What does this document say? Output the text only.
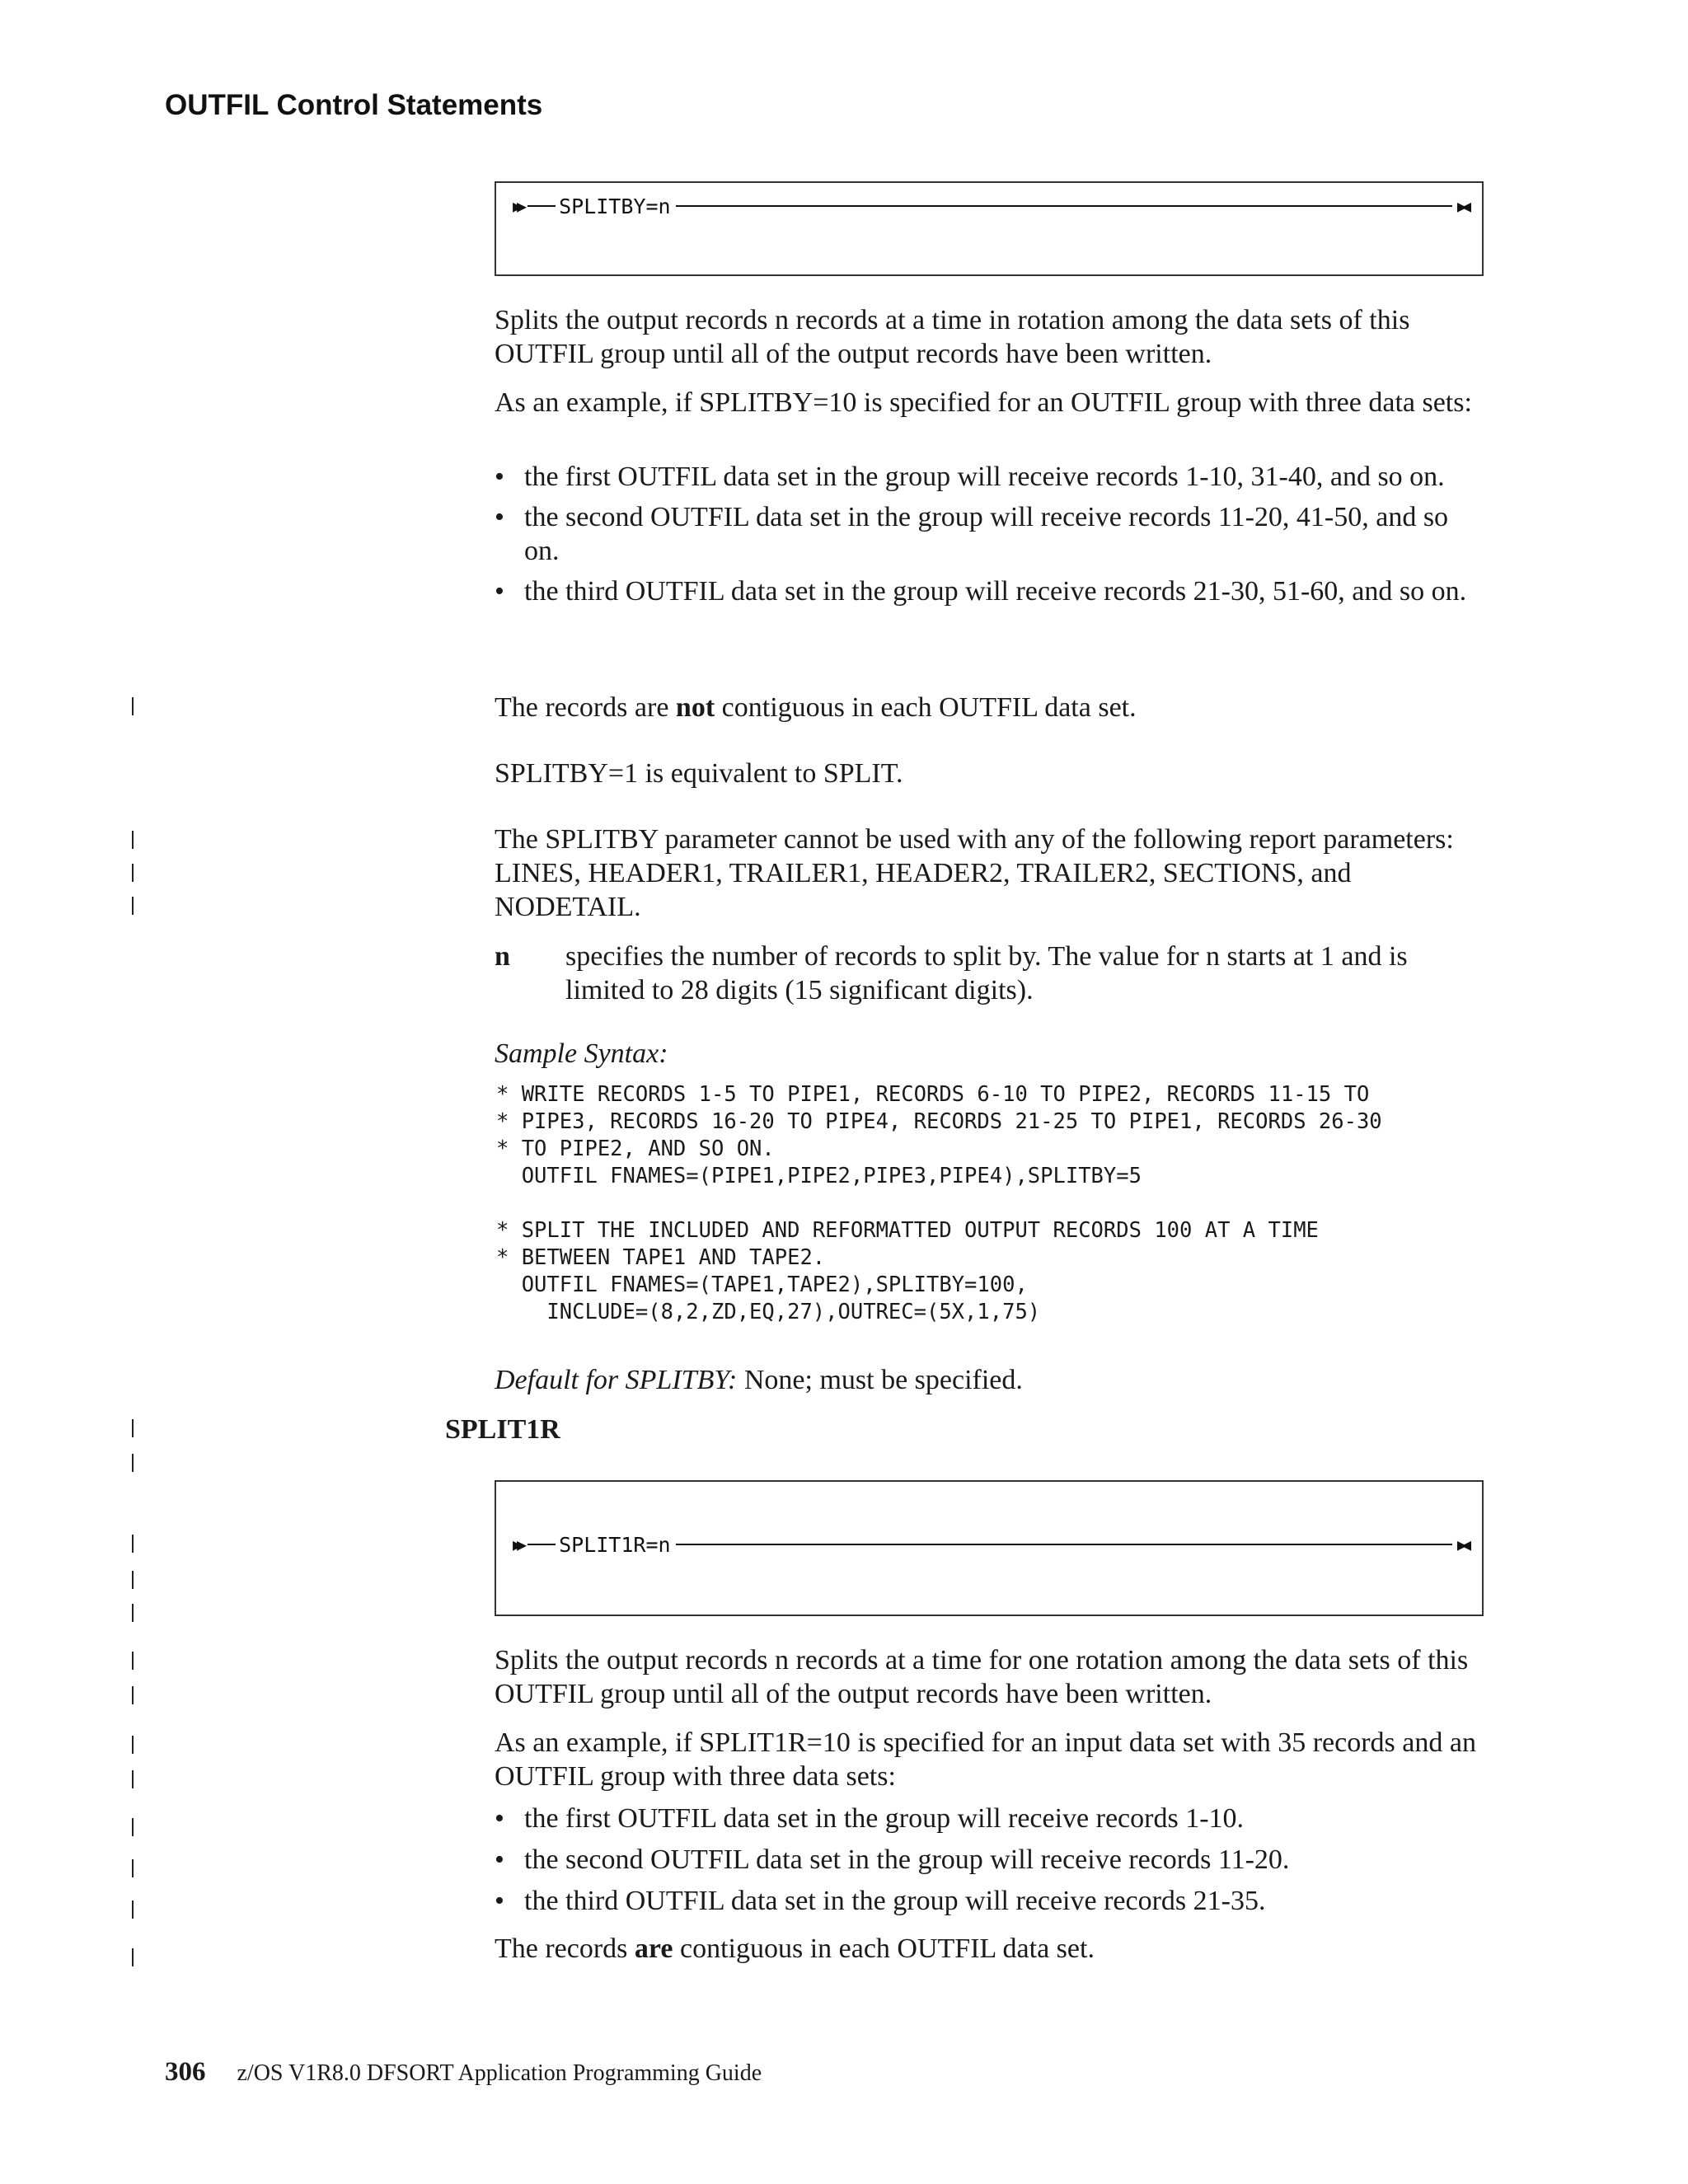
OUTFIL Control Statements
▶▶ SPLITBY=n	▶◀
Splits the output records n records at a time in rotation among the data sets of this OUTFIL group until all of the output records have been written.
As an example, if SPLITBY=10 is specified for an OUTFIL group with three data sets:
• the first OUTFIL data set in the group will receive records 1-10, 31-40, and so on.
• the second OUTFIL data set in the group will receive records 11-20, 41-50, and so on.
• the third OUTFIL data set in the group will receive records 21-30, 51-60, and so on.
The records are not contiguous in each OUTFIL data set.
SPLITBY=1 is equivalent to SPLIT.
The SPLITBY parameter cannot be used with any of the following report parameters: LINES, HEADER1, TRAILER1, HEADER2, TRAILER2, SECTIONS, and NODETAIL.
n specifies the number of records to split by. The value for n starts at 1 and is limited to 28 digits (15 significant digits).
Sample Syntax:
* WRITE RECORDS 1-5 TO PIPE1, RECORDS 6-10 TO PIPE2, RECORDS 11-15 TO
* PIPE3, RECORDS 16-20 TO PIPE4, RECORDS 21-25 TO PIPE1, RECORDS 26-30
* TO PIPE2, AND SO ON.
OUTFIL FNAMES=(PIPE1,PIPE2,PIPE3,PIPE4),SPLITBY=5

* SPLIT THE INCLUDED AND REFORMATTED OUTPUT RECORDS 100 AT A TIME
* BETWEEN TAPE1 AND TAPE2.
OUTFIL FNAMES=(TAPE1,TAPE2),SPLITBY=100,
INCLUDE=(8,2,ZD,EQ,27),OUTREC=(5X,1,75)
Default for SPLITBY: None; must be specified.
SPLIT1R
▶▶ SPLIT1R=n	▶◀
Splits the output records n records at a time for one rotation among the data sets of this OUTFIL group until all of the output records have been written.
As an example, if SPLIT1R=10 is specified for an input data set with 35 records and an OUTFIL group with three data sets:
• the first OUTFIL data set in the group will receive records 1-10.
• the second OUTFIL data set in the group will receive records 11-20.
• the third OUTFIL data set in the group will receive records 21-35.
The records are contiguous in each OUTFIL data set.
306 z/OS V1R8.0 DFSORT Application Programming Guide
